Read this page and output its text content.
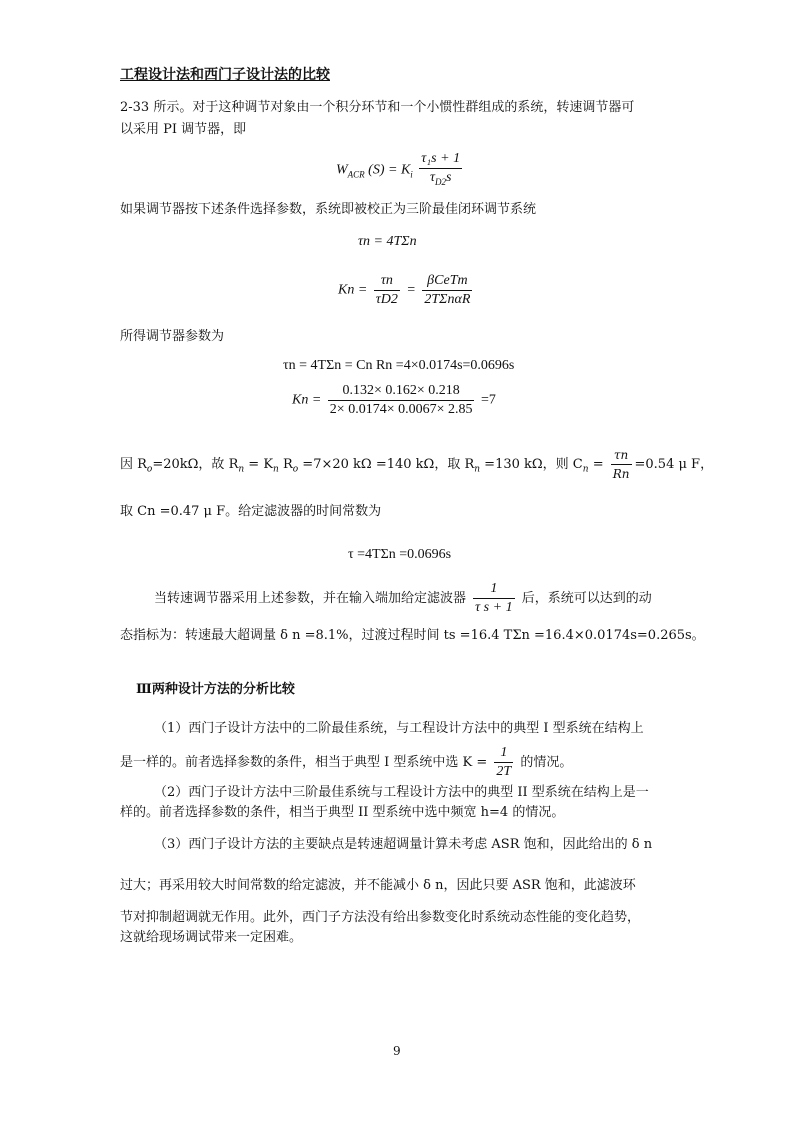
工程设计法和西门子设计法的比较
2-33 所示。对于这种调节对象由一个积分环节和一个小惯性群组成的系统，转速调节器可
以采用 PI 调节器，即
$W_{ACR}$ $(S) = K_i \frac{\text{τ₁s + 1}}{\tau_{D2}s}$
如果调节器按下述条件选择参数，系统即被校正为三阶最佳闭环调节系统
τn = 4TΣn
$Kn = \frac{\tau n}{\tau D2} = \frac{\text{βCeTm}}{\text{2TΣnαR}}$
所得调节器参数为
τn = 4TΣn = Cn Rn =4×0.0174s=0.0696s
$Kn = \frac{0.132\times 0.162\times 0.218}{2\times 0.0174\times 0.0067\times 2.85} =7$
因 $R_o=20k\Omega$，故 $R_n = K_n$ $R_o =7\times 20$ kΩ =140 kΩ，取 $R_n =130$ kΩ，则 $C_n = \frac{\tau n}{Rn} =0.54$ μ F，
取 Cn =0.47 μ F。给定滤波器的时间常数为
τ =4TΣn =0.0696s
当转速调节器采用上述参数，并在输入端加给定滤波器 $\frac{1}{\text{τ s + 1}}$ 后，系统可以达到的动
态指标为：转速最大超调量 δ n =8.1%，过渡过程时间 ts =16.4 TΣn =16.4×0.0174s=0.265s。
Ⅲ两种设计方法的分析比较
（1）西门子设计方法中的二阶最佳系统，与工程设计方法中的典型 I 型系统在结构上
是一样的。前者选择参数的条件，相当于典型 I 型系统中选 $K = \frac{1}{2T}$ 的情况。
（2）西门子设计方法中三阶最佳系统与工程设计方法中的典型 II 型系统在结构上是一
样的。前者选择参数的条件，相当于典型 II 型系统中选中频宽 h=4 的情况。
（3）西门子设计方法的主要缺点是转速超调量计算未考虑 ASR 饱和，因此给出的 δ n
过大；再采用较大时间常数的给定滤波，并不能减小 δ n，因此只要 ASR 饱和，此滤波环
节对抑制超调就无作用。此外，西门子方法没有给出参数变化时系统动态性能的变化趋势，
这就给现场调试带来一定困难。
9
